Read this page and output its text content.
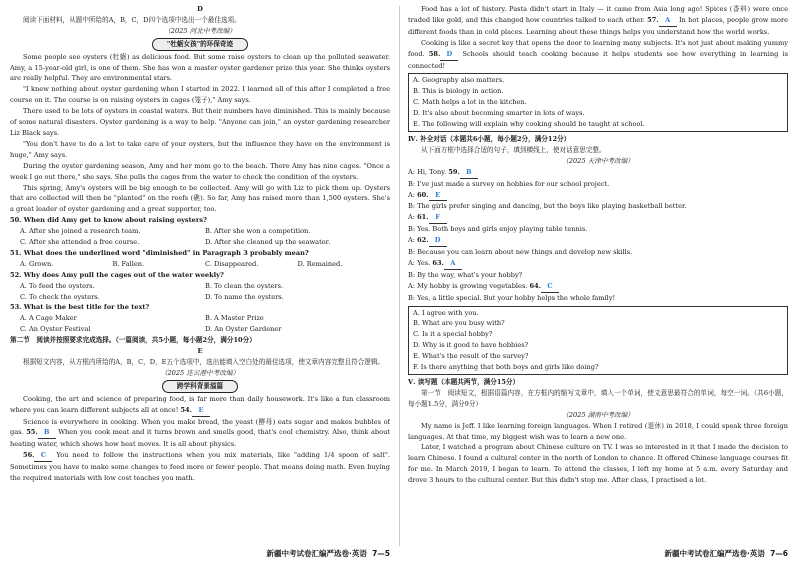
D

阅读下面材料，从题中所给的A，B，C，D四个选项中选出一个最佳选项。

（2025 河北中考改编）

"牡蛎女孩"的环保奇迹

Some people see oysters (牡蛎) as delicious food. But some raise oysters to clean up the polluted seawater. Amy, a 15-year-old girl, is one of them. She has won a master oyster gardener prize this year. She thinks oysters are really helpful. They are environmental stars.

"I knew nothing about oyster gardening when I started in 2022. I learned all of this after I completed a free course on it. The course is on raising oysters in cages (笼子)," Amy says.

There used to be lots of oysters in coastal waters. But their numbers have diminished. This is mainly because of some natural disasters. Oyster gardening is a way to help. "Anyone can join," an oyster gardening researcher Liz Black says.

"You don't have to do a lot to take care of your oysters, but the influence they have on the environment is huge," Amy says.

During the oyster gardening season, Amy and her mom go to the beach. There Amy has nine cages. "Once a week I go out there," she says. She pulls the cages from the water to check the condition of the oysters.

This spring, Amy's oysters will be big enough to be collected. Amy will go with Liz to pick them up. Oysters that are collected will then be "planted" on the reefs (礁). So far, Amy has raised more than 1,500 oysters. She's a great leader of oyster gardening and a great supporter, too.

50. When did Amy get to know about raising oysters?

A. After she joined a research team.	B. After she won a competition.
C. After she attended a free course.	D. After she cleaned up the seawater.

51. What does the underlined word "diminished" in Paragraph 3 probably mean?

A. Grown.	B. Fallen.	C. Disappeared.	D. Remained.

52. Why does Amy pull the cages out of the water weekly?

A. To feed the oysters.	B. To clean the oysters.
C. To check the oysters.	D. To name the oysters.

53. What is the best title for the text?

A. A Cage Maker	B. A Master Prize
C. An Oyster Festival	D. An Oyster Gardener

第二节　阅读并按照要求完成选择。（一篇阅读，共5小题，每小题2分，满分10分）

E

根据短文内容，从方框内所给的A，B，C，D，E五个选项中，选出能填入空白处的最佳选项，使文章内容完整且符合逻辑。

（2025 连云港中考改编）

跨学科背景溢篇

Cooking, the art and science of preparing food, is far more than daily housework. It's like a fun classroom where you can learn different subjects all at once! 54. E

Science is everywhere in cooking. When you make bread, the yeast (酵母) eats sugar and makes bubbles of gas. 55. B When you cook meat and it turns brown and smells good, that's cool chemistry. Also, think about heating water, which shows how heat moves. It is all about physics.

56. C You need to follow the instructions when you mix materials, like "adding 1/4 spoon of salt". Sometimes you have to make some changes to feed more or fewer people. That means doing math. Even buying the required materials with low cost teaches you math.

Food has a lot of history. Pasta didn't start in Italy — it came from Asia long ago! Spices (香料) were once traded like gold, and this changed how countries talked to each other. 57. A In hot places, people grow more different foods than in cold places. Learning about these things helps you understand how the world works.

Cooking is like a secret key that opens the door to learning many subjects. It's not just about making yummy food. 58. D Schools should teach cooking because it helps students see how everything in learning is connected!

A. Geography also matters.
B. This is biology in action.
C. Math helps a lot in the kitchen.
D. It's also about becoming smarter in lots of ways.
E. The following will explain why cooking should be taught at school.

Ⅳ. 补全对话（本题共6小题，每小题2分，满分12分）

从下面方框中选择合适的句子，填到横线上，使对话意思完整。

（2025 天津中考改编）

A: Hi, Tony. 59. B

B: I've just made a survey on hobbies for our school project.

A: 60. E

B: The girls prefer singing and dancing, but the boys like playing basketball better.

A: 61. F

B: Yes. Both boys and girls enjoy playing table tennis.

A: 62. D

B: Because you can learn about new things and develop new skills.

A: Yes. 63. A

B: By the way, what's your hobby?

A: My hobby is growing vegetables. 64. C

B: Yes, a little special. But your hobby helps the whole family!

A. I agree with you.
B. What are you busy with?
C. Is it a special hobby?
D. Why is it good to have hobbies?
E. What's the result of the survey?
F. Is there anything that both boys and girls like doing?

Ⅴ. 读写题（本题共两节，满分15分）

第一节　阅读短文，根据语篇内容，在方框内的缩写文章中，填入一个单词，使文意思最符合的单词，每空一词。（共6小题，每小题1.5分，满分9分）

（2025 湖南中考改编）

My name is Jeff. I like learning foreign languages. When I retired (退休) in 2018, I could speak three foreign languages. At that time, my biggest wish was to learn a new one.

Later, I watched a program about Chinese culture on TV. I was so interested in it that I made the decision to learn Chinese. I found a cultural center in the north of London to chance. It offered Chinese language courses fit for me. In March 2019, I began to learn. To attend the classes, I left my home at 5 a.m. every Saturday and drove 3 hours to the cultural center. But this didn't stop me. After class, I practised a lot.

新疆中考试卷汇编严选卷·英语 7—5	新疆中考试卷汇编严选卷·英语 7—6
